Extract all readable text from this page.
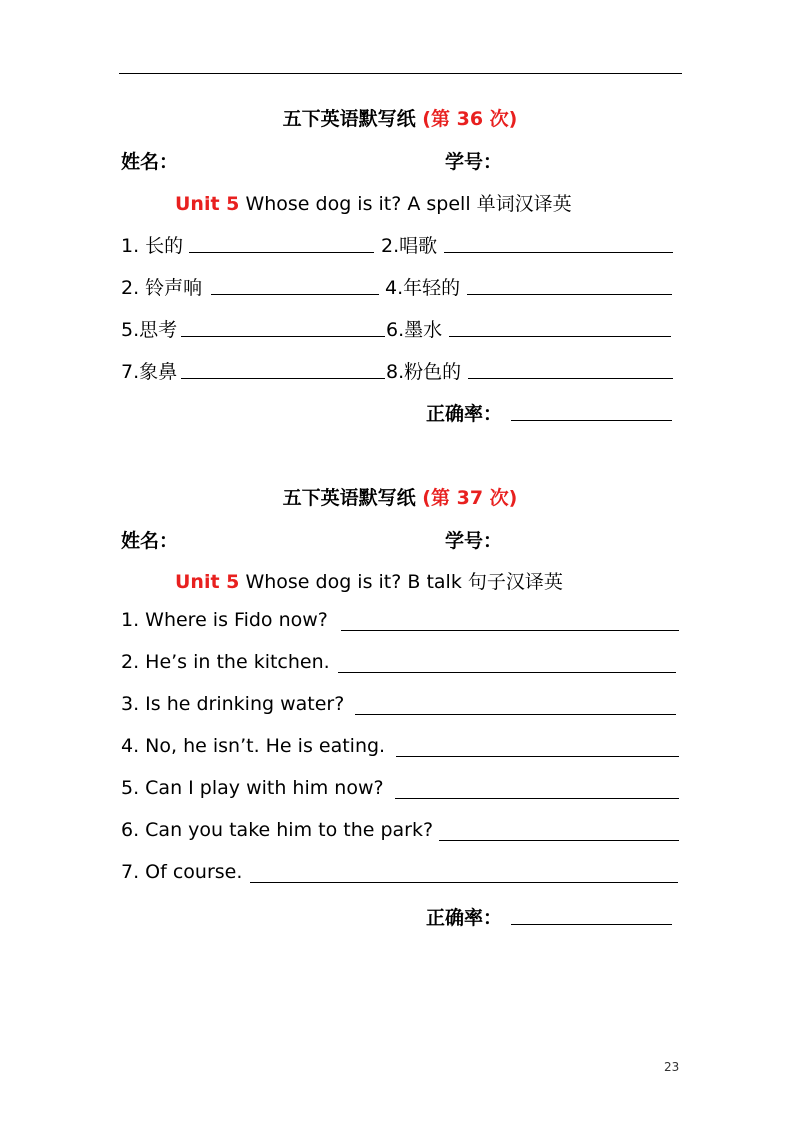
五下英语默写纸 (第 36 次)
姓名：	学号：
Unit 5 Whose dog is it? A spell 单词汉译英
1. 长的	2.唱歌
2. 铃声响	4.年轻的
5.思考	6.墨水
7.象鼻	8.粉色的
正确率：
五下英语默写纸 (第 37 次)
姓名：	学号：
Unit 5 Whose dog is it? B talk 句子汉译英
1. Where is Fido now?
2. He’s in the kitchen.
3. Is he drinking water?
4. No, he isn’t. He is eating.
5. Can I play with him now?
6. Can you take him to the park?
7. Of course.
正确率：
23
